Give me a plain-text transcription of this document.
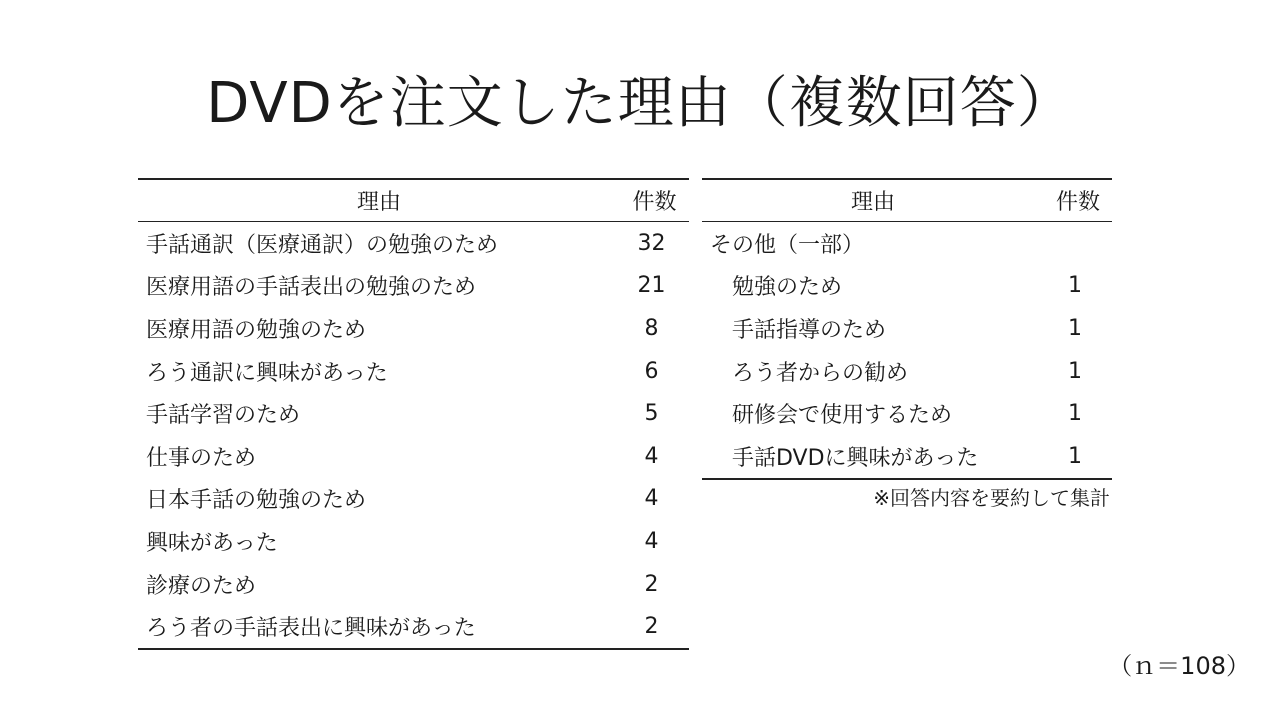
DVDを注文した理由（複数回答）
理由	件数
手話通訳（医療通訳）の勉強のため	32
医療用語の手話表出の勉強のため	21
医療用語の勉強のため	8
ろう通訳に興味があった	6
手話学習のため	5
仕事のため	4
日本手話の勉強のため	4
興味があった	4
診療のため	2
ろう者の手話表出に興味があった	2
理由	件数
その他（一部）	
勉強のため	1
手話指導のため	1
ろう者からの勧め	1
研修会で使用するため	1
手話DVDに興味があった	1
※回答内容を要約して集計
（ｎ＝108）
